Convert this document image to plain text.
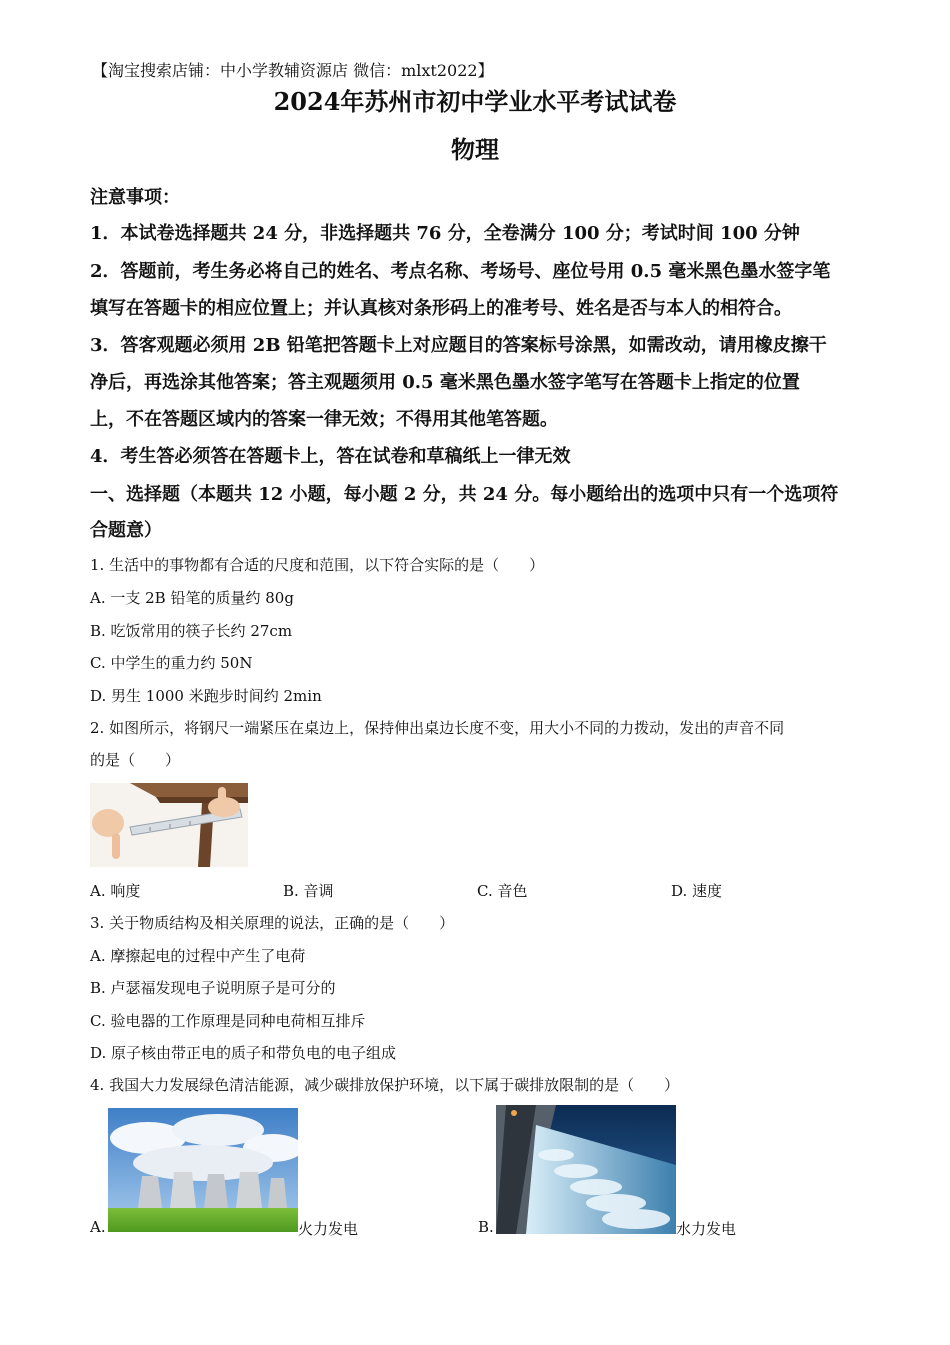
【淘宝搜索店铺：中小学教辅资源店 微信：mlxt2022】
2024年苏州市初中学业水平考试试卷
物理
注意事项：
1．本试卷选择题共 24 分，非选择题共 76 分，全卷满分 100 分；考试时间 100 分钟
2．答题前，考生务必将自己的姓名、考点名称、考场号、座位号用 0.5 毫米黑色墨水签字笔
填写在答题卡的相应位置上；并认真核对条形码上的准考号、姓名是否与本人的相符合。
3．答客观题必须用 2B 铅笔把答题卡上对应题目的答案标号涂黑，如需改动，请用橡皮擦干
净后，再选涂其他答案；答主观题须用 0.5 毫米黑色墨水签字笔写在答题卡上指定的位置
上，不在答题区域内的答案一律无效；不得用其他笔答题。
4．考生答必须答在答题卡上，答在试卷和草稿纸上一律无效
一、选择题（本题共 12 小题，每小题 2 分，共 24 分。每小题给出的选项中只有一个选项符
合题意）
1. 生活中的事物都有合适的尺度和范围，以下符合实际的是（　　）
A. 一支 2B 铅笔的质量约 80g
B. 吃饭常用的筷子长约 27cm
C. 中学生的重力约 50N
D. 男生 1000 米跑步时间约 2min
2. 如图所示，将钢尺一端紧压在桌边上，保持伸出桌边长度不变，用大小不同的力拨动，发出的声音不同
的是（　　）
A. 响度	B. 音调	C. 音色	D. 速度
3. 关于物质结构及相关原理的说法，正确的是（　　）
A. 摩擦起电的过程中产生了电荷
B. 卢瑟福发现电子说明原子是可分的
C. 验电器的工作原理是同种电荷相互排斥
D. 原子核由带正电的质子和带负电的电子组成
4. 我国大力发展绿色清洁能源，减少碳排放保护环境，以下属于碳排放限制的是（　　）
A.	火力发电	B.	水力发电
